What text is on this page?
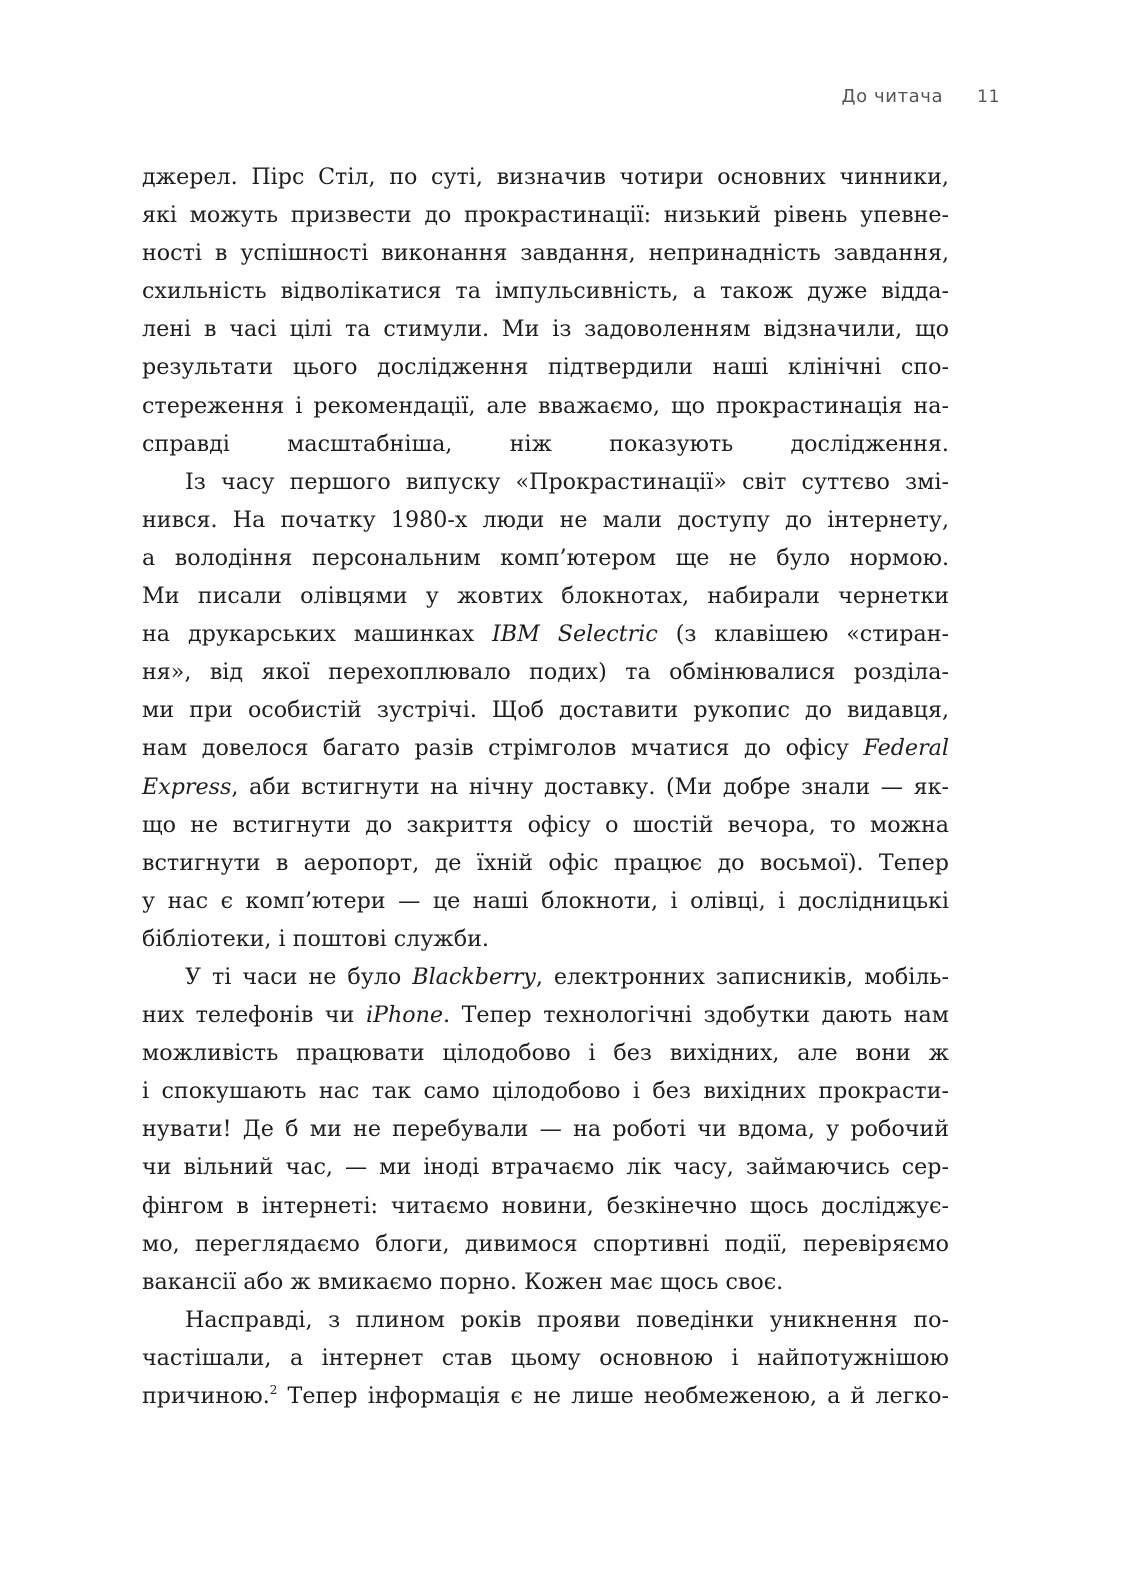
До читача 11
джерел. Пірс Стіл, по суті, визначив чотири основних чинники,
які можуть призвести до прокрастинації: низький рівень упевне-
ності в успішності виконання завдання, непринадність завдання,
схильність відволікатися та імпульсивність, а також дуже відда-
лені в часі цілі та стимули. Ми із задоволенням відзначили, що
результати цього дослідження підтвердили наші клінічні спо-
стереження і рекомендації, але вважаємо, що прокрастинація на-
справді масштабніша, ніж показують дослідження.
Із часу першого випуску «Прокрастинації» світ суттєво змі-
нився. На початку 1980-х люди не мали доступу до інтернету,
а володіння персональним комп’ютером ще не було нормою.
Ми писали олівцями у жовтих блокнотах, набирали чернетки
на друкарських машинках IBM Selectric (з клавішею «стиран-
ня», від якої перехоплювало подих) та обмінювалися розділа-
ми при особистій зустрічі. Щоб доставити рукопис до видавця,
нам довелося багато разів стрімголов мчатися до офісу Federal
Express, аби встигнути на нічну доставку. (Ми добре знали — як-
що не встигнути до закриття офісу о шостій вечора, то можна
встигнути в аеропорт, де їхній офіс працює до восьмої). Тепер
у нас є комп’ютери — це наші блокноти, і олівці, і дослідницькі
бібліотеки, і поштові служби.
У ті часи не було Blackberry, електронних записників, мобіль-
них телефонів чи iPhone. Тепер технологічні здобутки дають нам
можливість працювати цілодобово і без вихідних, але вони ж
і спокушають нас так само цілодобово і без вихідних прокрасти-
нувати! Де б ми не перебували — на роботі чи вдома, у робочий
чи вільний час, — ми іноді втрачаємо лік часу, займаючись сер-
фінгом в інтернеті: читаємо новини, безкінечно щось досліджує-
мо, переглядаємо блоги, дивимося спортивні події, перевіряємо
вакансії або ж вмикаємо порно. Кожен має щось своє.
Насправді, з плином років прояви поведінки уникнення по-
частішали, а інтернет став цьому основною і найпотужнішою
причиною.$^2$ Тепер інформація є не лише необмеженою, а й легко-
